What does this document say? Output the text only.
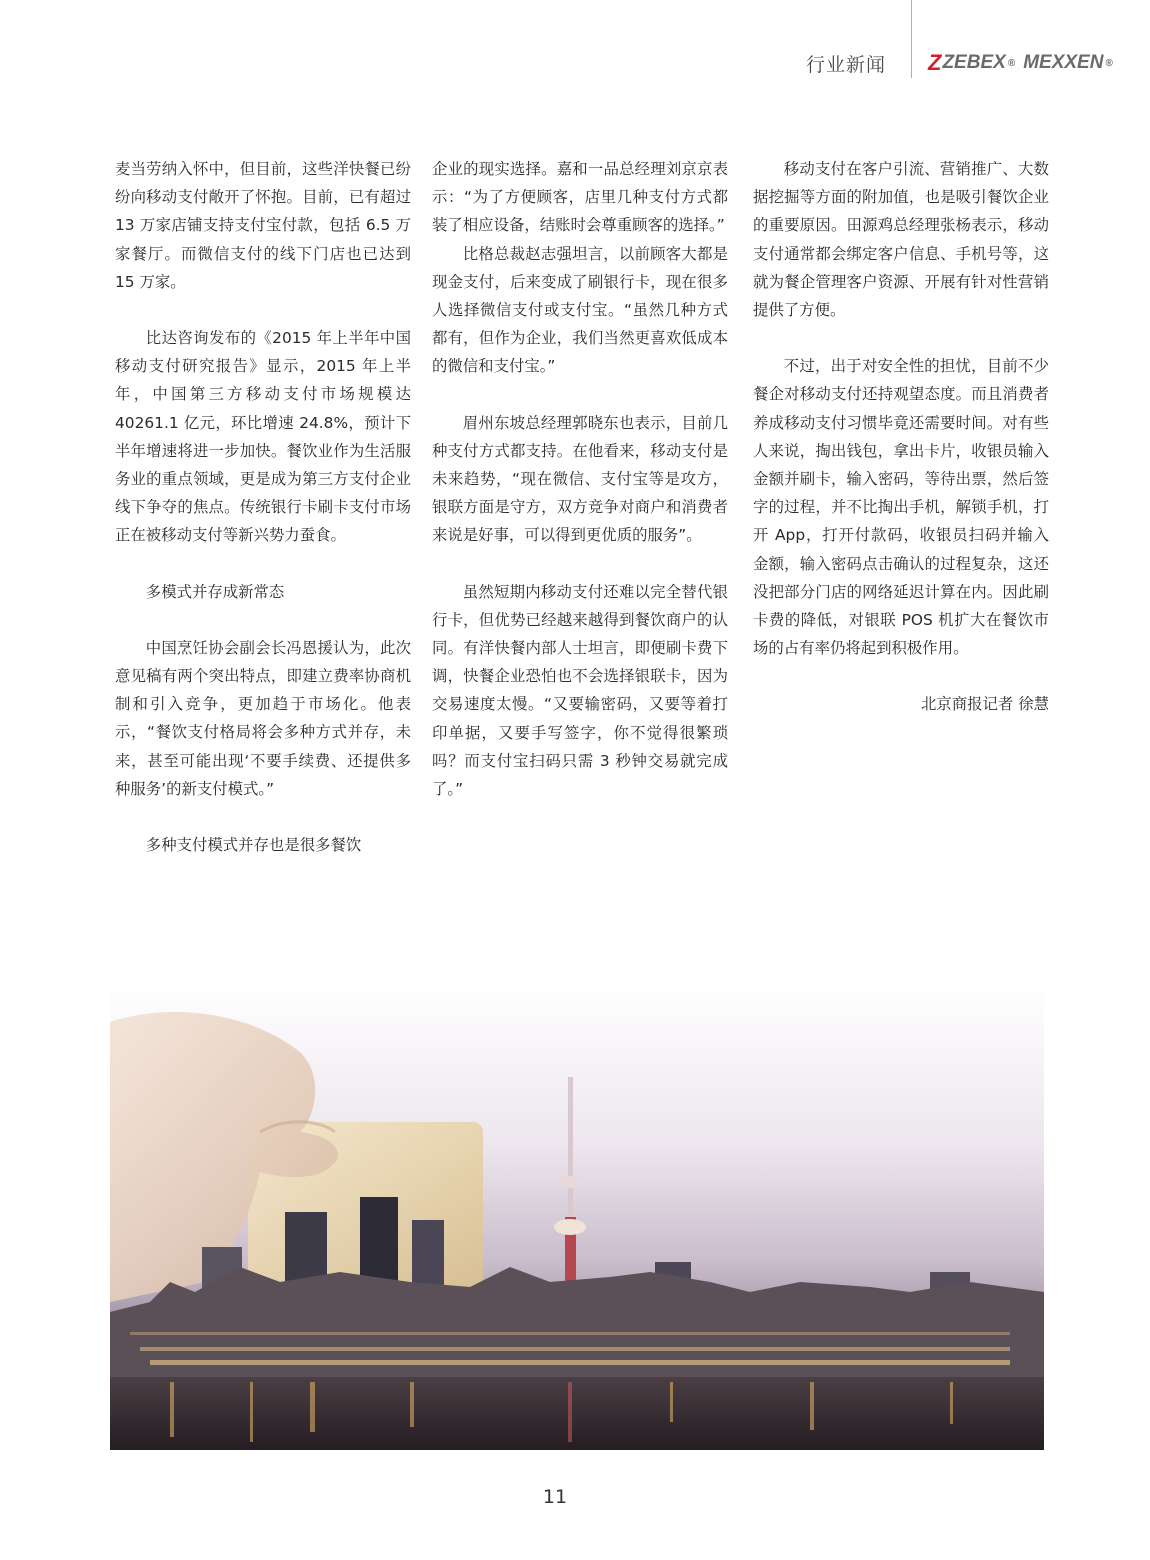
行业新闻 Z ZEBEX ® MEXXEN ®

麦当劳纳入怀中，但目前，这些洋快餐已纷纷向移动支付敞开了怀抱。目前，已有超过 13 万家店铺支持支付宝付款，包括 6.5 万家餐厅。而微信支付的线下门店也已达到 15 万家。

比达咨询发布的《2015 年上半年中国移动支付研究报告》显示，2015 年上半年，中国第三方移动支付市场规模达 40261.1 亿元，环比增速 24.8%，预计下半年增速将进一步加快。餐饮业作为生活服务业的重点领域，更是成为第三方支付企业线下争夺的焦点。传统银行卡刷卡支付市场正在被移动支付等新兴势力蚕食。

多模式并存成新常态

中国烹饪协会副会长冯恩援认为，此次意见稿有两个突出特点，即建立费率协商机制和引入竞争，更加趋于市场化。他表示，“餐饮支付格局将会多种方式并存，未来，甚至可能出现‘不要手续费、还提供多种服务’的新支付模式。”

多种支付模式并存也是很多餐饮

企业的现实选择。嘉和一品总经理刘京京表示：“为了方便顾客，店里几种支付方式都装了相应设备，结账时会尊重顾客的选择。”

比格总裁赵志强坦言，以前顾客大都是现金支付，后来变成了刷银行卡，现在很多人选择微信支付或支付宝。“虽然几种方式都有，但作为企业，我们当然更喜欢低成本的微信和支付宝。”

眉州东坡总经理郭晓东也表示，目前几种支付方式都支持。在他看来，移动支付是未来趋势，“现在微信、支付宝等是攻方，银联方面是守方，双方竞争对商户和消费者来说是好事，可以得到更优质的服务”。

虽然短期内移动支付还难以完全替代银行卡，但优势已经越来越得到餐饮商户的认同。有洋快餐内部人士坦言，即便刷卡费下调，快餐企业恐怕也不会选择银联卡，因为交易速度太慢。“又要输密码，又要等着打印单据，又要手写签字，你不觉得很繁琐吗？而支付宝扫码只需 3 秒钟交易就完成了。”

移动支付在客户引流、营销推广、大数据挖掘等方面的附加值，也是吸引餐饮企业的重要原因。田源鸡总经理张杨表示，移动支付通常都会绑定客户信息、手机号等，这就为餐企管理客户资源、开展有针对性营销提供了方便。

不过，出于对安全性的担忧，目前不少餐企对移动支付还持观望态度。而且消费者养成移动支付习惯毕竟还需要时间。对有些人来说，掏出钱包，拿出卡片，收银员输入金额并刷卡，输入密码，等待出票，然后签字的过程，并不比掏出手机，解锁手机，打开 App，打开付款码，收银员扫码并输入金额，输入密码点击确认的过程复杂，这还没把部分门店的网络延迟计算在内。因此刷卡费的降低，对银联 POS 机扩大在餐饮市场的占有率仍将起到积极作用。

北京商报记者 徐慧

11
